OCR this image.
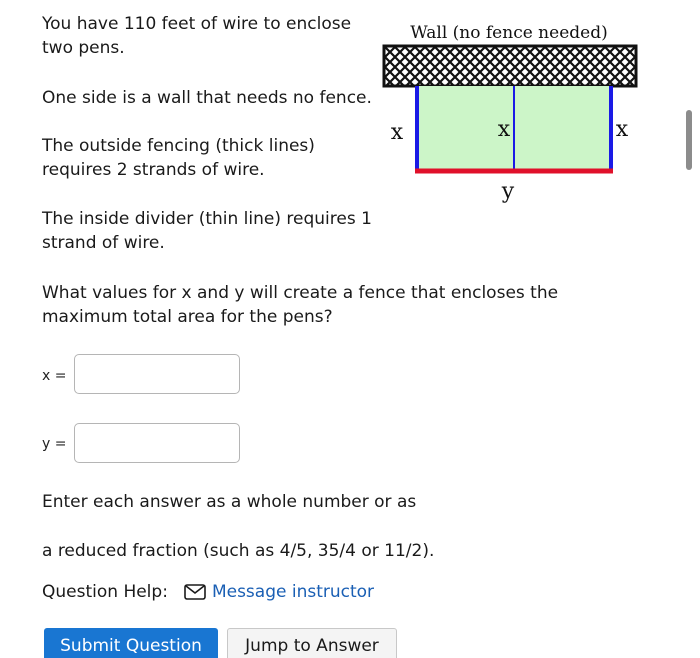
You have 110 feet of wire to enclose two pens.
One side is a wall that needs no fence.
The outside fencing (thick lines) requires 2 strands of wire.
The inside divider (thin line) requires 1 strand of wire.
What values for x and y will create a fence that encloses the maximum total area for the pens?
Wall (no fence needed)
x	x	x
y
x =
y =
Enter each answer as a whole number or as
a reduced fraction (such as 4/5, 35/4 or 11/2).
Question Help:	Message instructor
Submit Question	Jump to Answer
